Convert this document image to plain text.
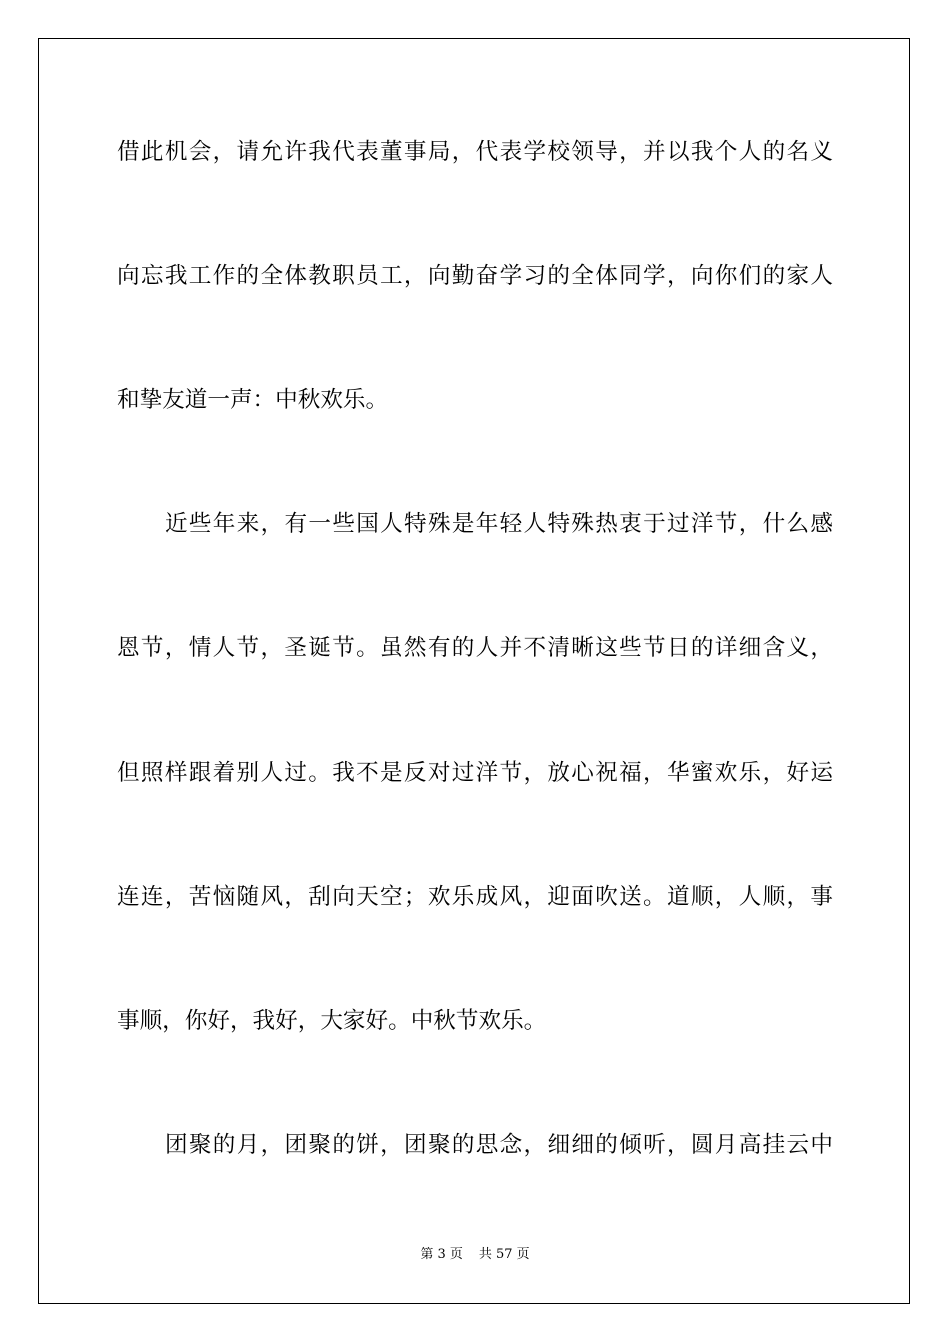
借此机会，请允许我代表董事局，代表学校领导，并以我个人的名义
向忘我工作的全体教职员工，向勤奋学习的全体同学，向你们的家人
和挚友道一声：中秋欢乐。
近些年来，有一些国人特殊是年轻人特殊热衷于过洋节，什么感
恩节，情人节，圣诞节。虽然有的人并不清晰这些节日的详细含义，
但照样跟着别人过。我不是反对过洋节，放心祝福，华蜜欢乐，好运
连连，苦恼随风，刮向天空；欢乐成风，迎面吹送。道顺，人顺，事
事顺，你好，我好，大家好。中秋节欢乐。
团聚的月，团聚的饼，团聚的思念，细细的倾听，圆月高挂云中
第 3 页 共 57 页
